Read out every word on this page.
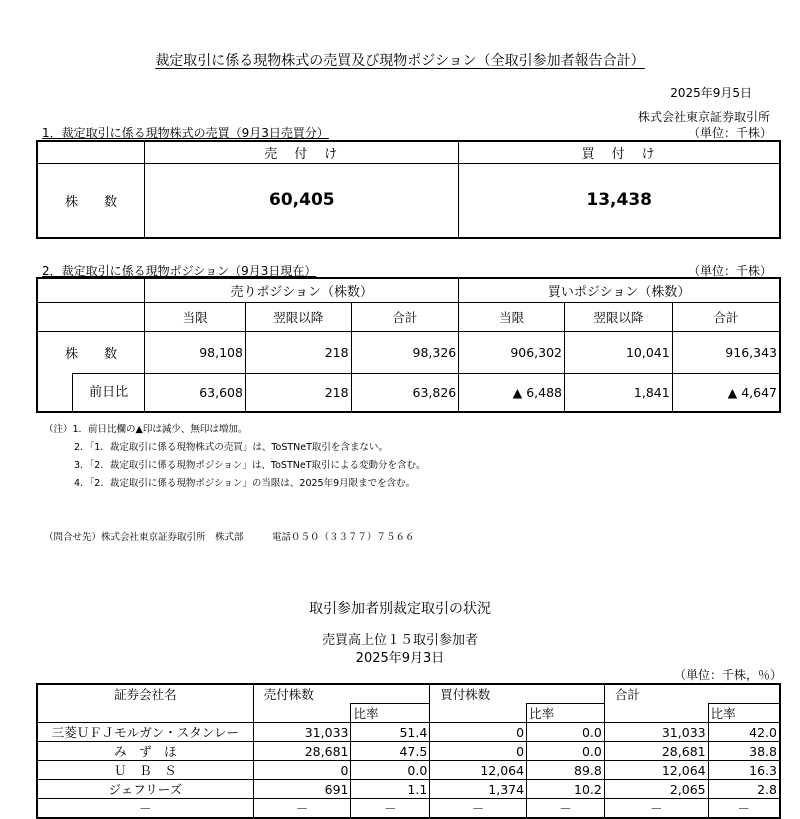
裁定取引に係る現物株式の売買及び現物ポジション（全取引参加者報告合計）
2025年9月5日
株式会社東京証券取引所
1．裁定取引に係る現物株式の売買（9月3日売買分）	（単位：千株）
	売　付　け	買　付　け
株　　数	60,405	13,438
2．裁定取引に係る現物ポジション（9月3日現在）	（単位：千株）
	売りポジション（株数）			買いポジション（株数）		
	当限	翌限以降	合計	当限	翌限以降	合計
株　　数	98,108	218	98,326	906,302	10,041	916,343

前日比	63,608	218	63,826	▲ 6,488	1,841	▲ 4,647
（注）1．前日比欄の▲印は減少、無印は増加。
2．「1．裁定取引に係る現物株式の売買」は、ToSTNeT取引を含まない。
3．「2．裁定取引に係る現物ポジション」は、ToSTNeT取引による変動分を含む。
4．「2．裁定取引に係る現物ポジション」の当限は、2025年9月限までを含む。
（問合せ先）株式会社東京証券取引所　株式部　　　電話０５０（３３７７）７５６６
取引参加者別裁定取引の状況
売買高上位１５取引参加者
2025年9月3日
（単位：千株，％）
証券会社名	売付株数		買付株数		合計	
		比率		比率		比率
三菱ＵＦＪモルガン・スタンレー	31,033	51.4	0	0.0	31,033	42.0
み　ず　ほ	28,681	47.5	0	0.0	28,681	38.8
Ｕ　Ｂ　Ｓ	0	0.0	12,064	89.8	12,064	16.3
ジェフリーズ	691	1.1	1,374	10.2	2,065	2.8
－	－	－	－	－	－	－
